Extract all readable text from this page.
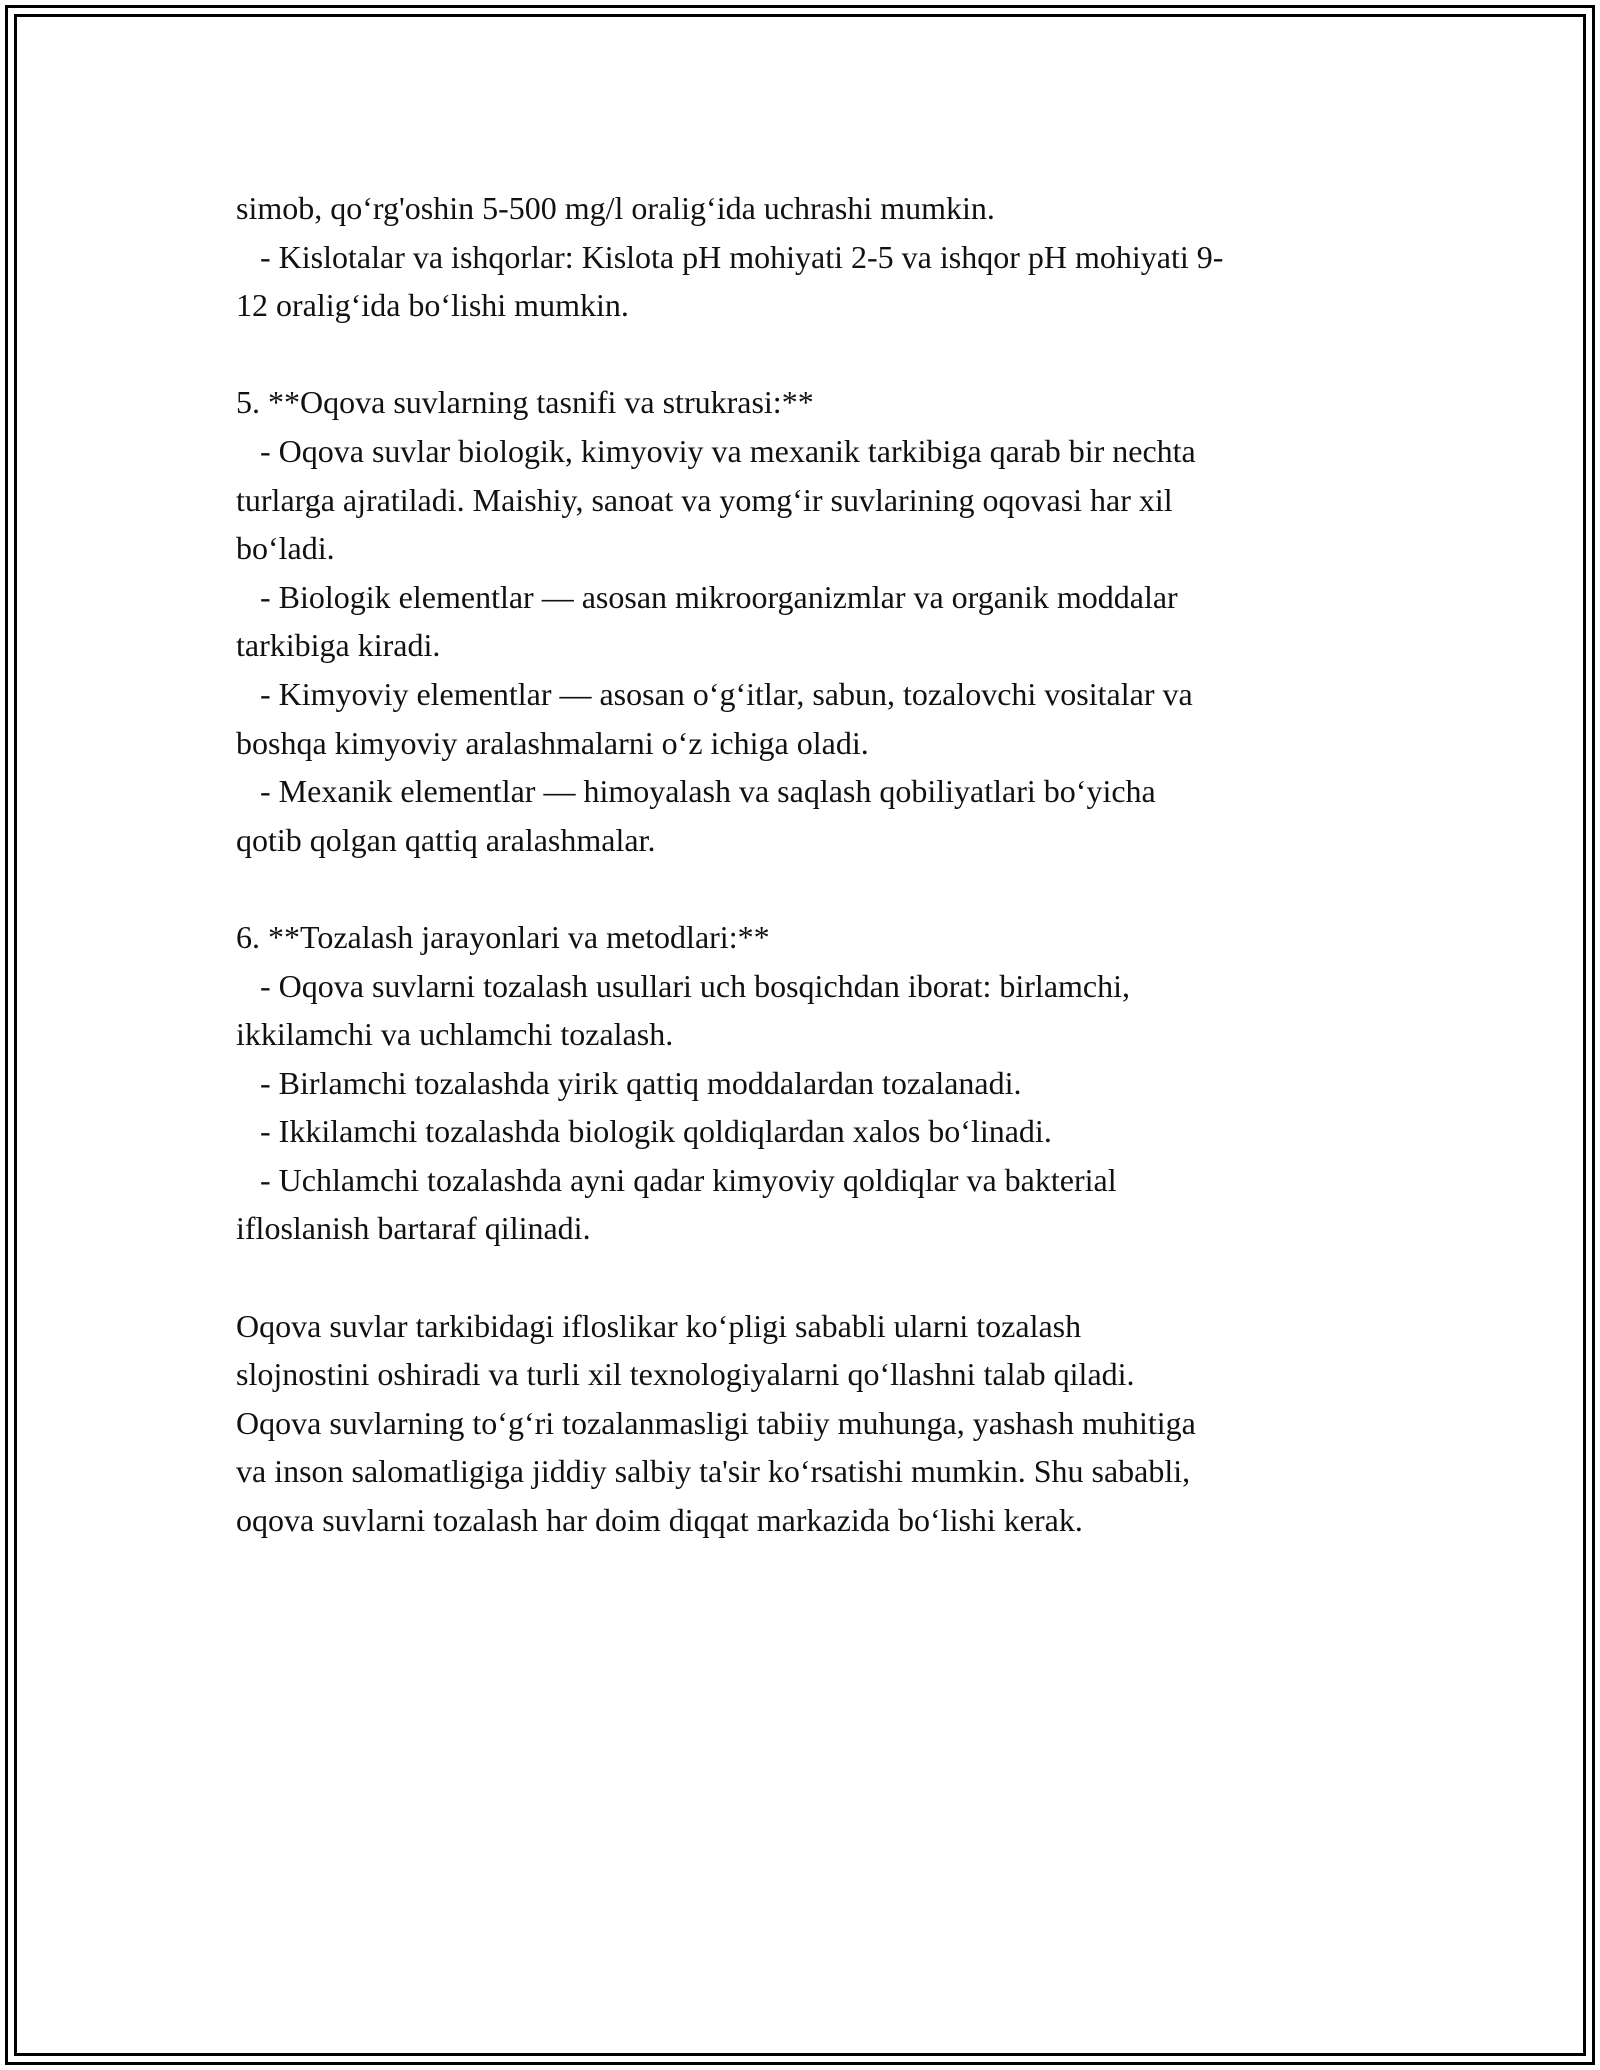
simob, qo‘rg'oshin 5-500 mg/l oralig‘ida uchrashi mumkin.
- Kislotalar va ishqorlar: Kislota pH mohiyati 2-5 va ishqor pH mohiyati 9-
12 oralig‘ida bo‘lishi mumkin.
5. **Oqova suvlarning tasnifi va strukrasi:**
- Oqova suvlar biologik, kimyoviy va mexanik tarkibiga qarab bir nechta
turlarga ajratiladi. Maishiy, sanoat va yomg‘ir suvlarining oqovasi har xil
bo‘ladi.
- Biologik elementlar — asosan mikroorganizmlar va organik moddalar
tarkibiga kiradi.
- Kimyoviy elementlar — asosan o‘g‘itlar, sabun, tozalovchi vositalar va
boshqa kimyoviy aralashmalarni o‘z ichiga oladi.
- Mexanik elementlar — himoyalash va saqlash qobiliyatlari bo‘yicha
qotib qolgan qattiq aralashmalar.
6. **Tozalash jarayonlari va metodlari:**
- Oqova suvlarni tozalash usullari uch bosqichdan iborat: birlamchi,
ikkilamchi va uchlamchi tozalash.
- Birlamchi tozalashda yirik qattiq moddalardan tozalanadi.
- Ikkilamchi tozalashda biologik qoldiqlardan xalos bo‘linadi.
- Uchlamchi tozalashda ayni qadar kimyoviy qoldiqlar va bakterial
ifloslanish bartaraf qilinadi.
Oqova suvlar tarkibidagi ifloslikar ko‘pligi sababli ularni tozalash
slojnostini oshiradi va turli xil texnologiyalarni qo‘llashni talab qiladi.
Oqova suvlarning to‘g‘ri tozalanmasligi tabiiy muhunga, yashash muhitiga
va inson salomatligiga jiddiy salbiy ta'sir ko‘rsatishi mumkin. Shu sababli,
oqova suvlarni tozalash har doim diqqat markazida bo‘lishi kerak.
